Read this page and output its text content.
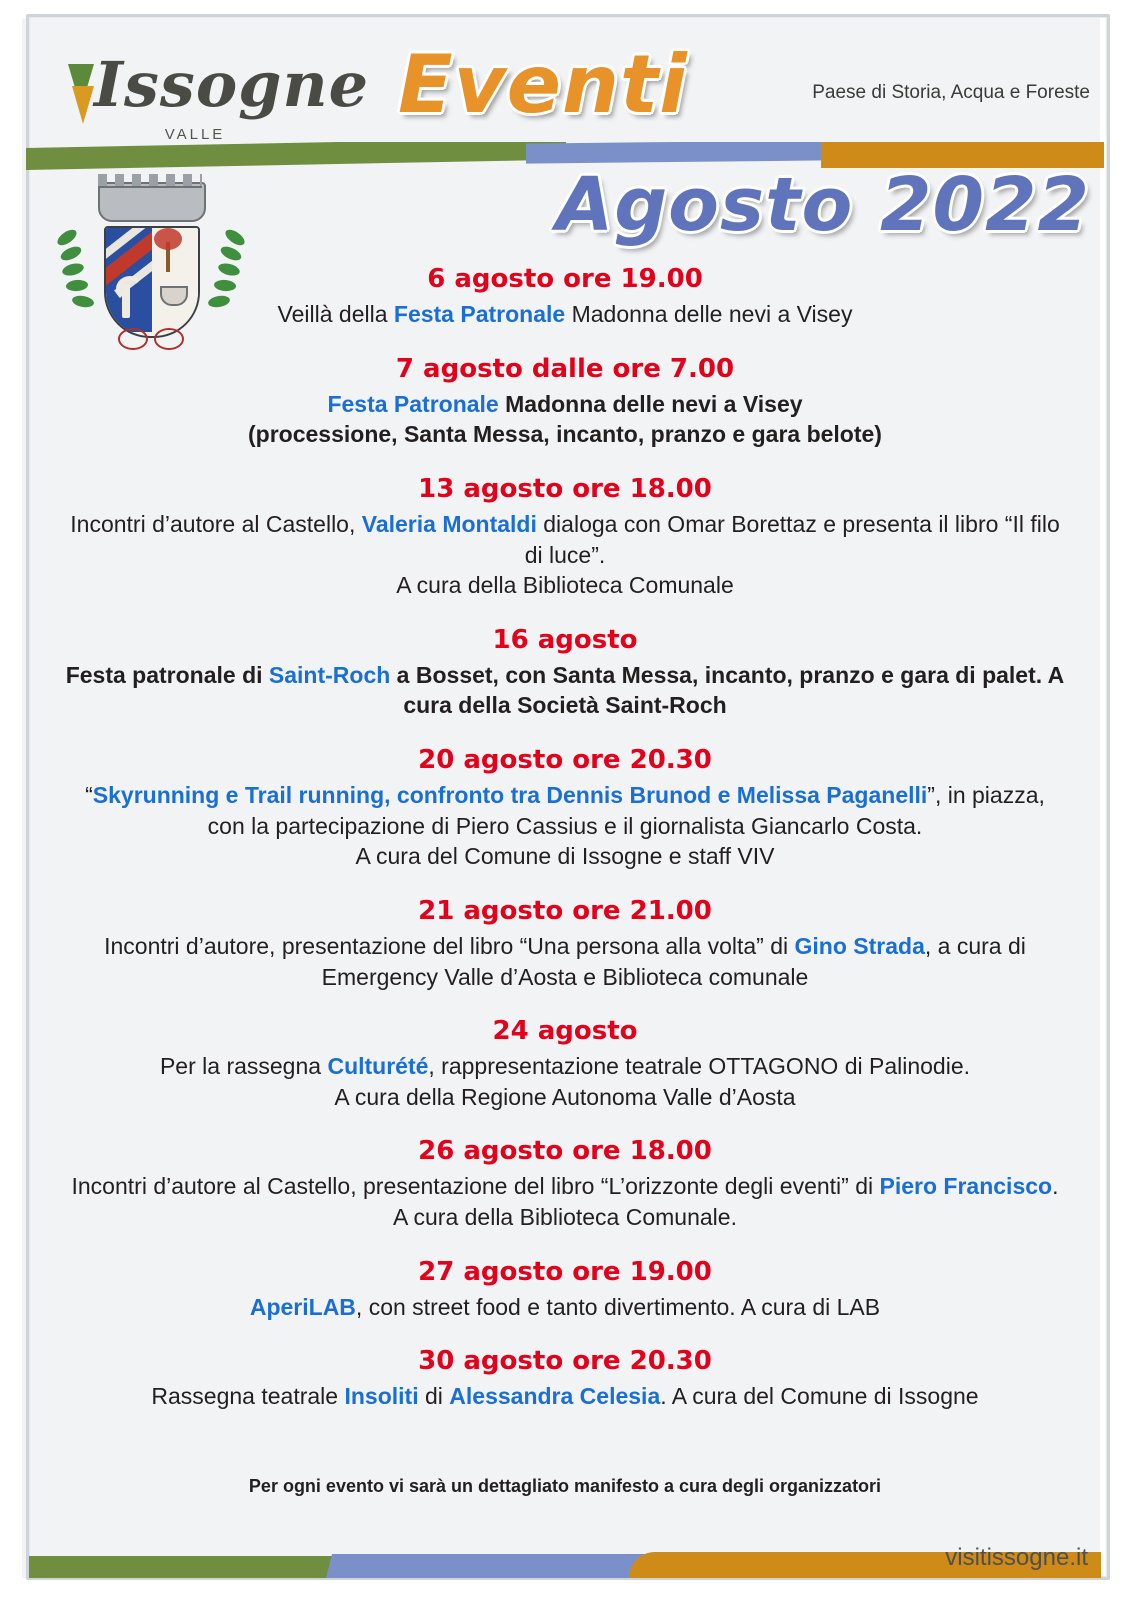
Issogne
VALLE
Eventi	Paese di Storia, Acqua e Foreste
Agosto 2022
6 agosto ore 19.00
Veillà della Festa Patronale Madonna delle nevi a Visey
7 agosto dalle ore 7.00
Festa Patronale Madonna delle nevi a Visey
(processione, Santa Messa, incanto, pranzo e gara belote)
13 agosto ore 18.00
Incontri d’autore al Castello, Valeria Montaldi dialoga con Omar Borettaz e presenta il libro “Il filo di luce”.
A cura della Biblioteca Comunale
16 agosto
Festa patronale di Saint-Roch a Bosset, con Santa Messa, incanto, pranzo e gara di palet. A cura della Società Saint-Roch
20 agosto ore 20.30
“Skyrunning e Trail running, confronto tra Dennis Brunod e Melissa Paganelli”, in piazza, con la partecipazione di Piero Cassius e il giornalista Giancarlo Costa.
A cura del Comune di Issogne e staff VIV
21 agosto ore 21.00
Incontri d’autore, presentazione del libro “Una persona alla volta” di Gino Strada, a cura di Emergency Valle d’Aosta e Biblioteca comunale
24 agosto
Per la rassegna Culturété, rappresentazione teatrale OTTAGONO di Palinodie.
A cura della Regione Autonoma Valle d’Aosta
26 agosto ore 18.00
Incontri d’autore al Castello, presentazione del libro “L’orizzonte degli eventi” di Piero Francisco. A cura della Biblioteca Comunale.
27 agosto ore 19.00
AperiLAB, con street food e tanto divertimento. A cura di LAB
30 agosto ore 20.30
Rassegna teatrale Insoliti di Alessandra Celesia. A cura del Comune di Issogne
Per ogni evento vi sarà un dettagliato manifesto a cura degli organizzatori
visitissogne.it
